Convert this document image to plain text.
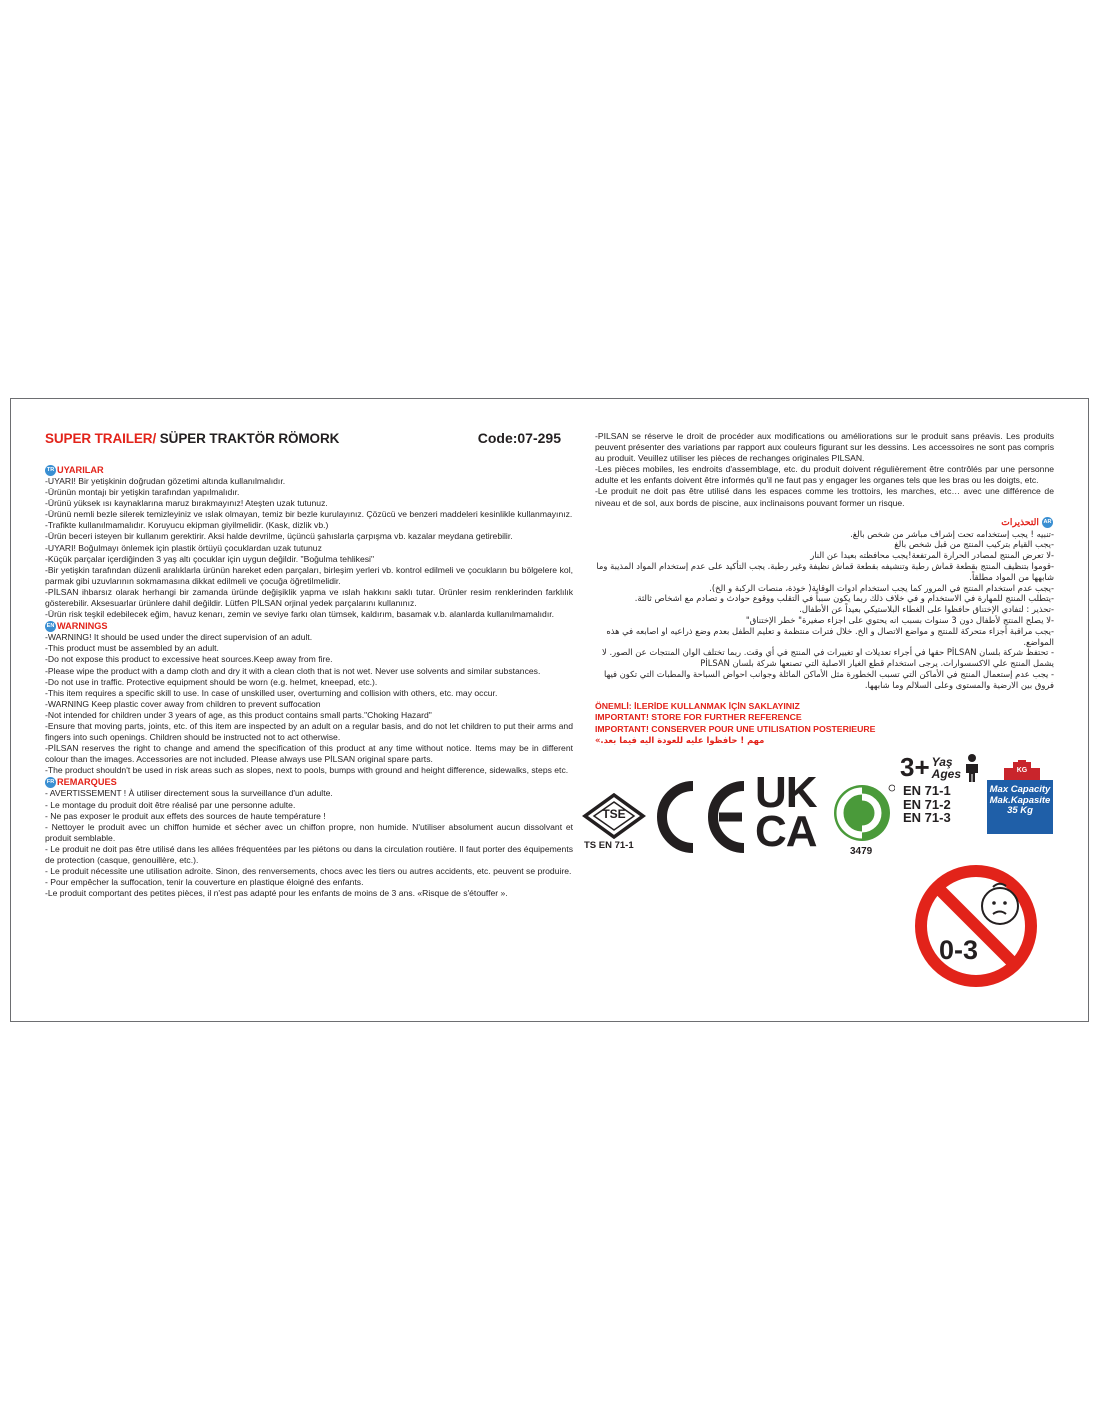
SUPER TRAILER/ SÜPER TRAKTÖR RÖMORK	Code:07-295
TR UYARILAR

-UYARI! Bir yetişkinin doğrudan gözetimi altında kullanılmalıdır.

-Ürünün montajı bir yetişkin tarafından yapılmalıdır.

-Ürünü yüksek ısı kaynaklarına maruz bırakmayınız! Ateşten uzak tutunuz.

-Ürünü nemli bezle silerek temizleyiniz ve ıslak olmayan, temiz bir bezle kurulayınız. Çözücü ve benzeri maddeleri kesinlikle kullanmayınız.

-Trafikte kullanılmamalıdır. Koruyucu ekipman giyilmelidir. (Kask, dizlik vb.)

-Ürün beceri isteyen bir kullanım gerektirir. Aksi halde devrilme, üçüncü şahıslarla çarpışma vb. kazalar meydana getirebilir.

-UYARI! Boğulmayı önlemek için plastik örtüyü çocuklardan uzak tutunuz

-Küçük parçalar içerdiğinden 3 yaş altı çocuklar için uygun değildir. "Boğulma tehlikesi"

-Bir yetişkin tarafından düzenli aralıklarla ürünün hareket eden parçaları, birleşim yerleri vb. kontrol edilmeli ve çocukların bu bölgelere kol, parmak gibi uzuvlarının sokmamasına dikkat edilmeli ve çocuğa öğretilmelidir.

-PİLSAN ihbarsız olarak herhangi bir zamanda üründe değişiklik yapma ve ıslah hakkını saklı tutar. Ürünler resim renklerinden farklılık gösterebilir. Aksesuarlar ürünlere dahil değildir. Lütfen PİLSAN orjinal yedek parçalarını kullanınız.

-Ürün risk teşkil edebilecek eğim, havuz kenarı, zemin ve seviye farkı olan tümsek, kaldırım, basamak v.b. alanlarda kullanılmamalıdır.

EN WARNINGS

-WARNING! It should be used under the direct supervision of an adult.

-This product must be assembled by an adult.

-Do not expose this product to excessive heat sources.Keep away from fire.

-Please wipe the product with a damp cloth and dry it with a clean cloth that is not wet. Never use solvents and similar substances.

-Do not use in traffic. Protective equipment should be worn (e.g. helmet, kneepad, etc.).

-This item requires a specific skill to use. In case of unskilled user, overturning and collision with others, etc. may occur.

-WARNING Keep plastic cover away from children to prevent suffocation

-Not intended for children under 3 years of age, as this product contains small parts."Choking Hazard"

-Ensure that moving parts, joints, etc. of this item are inspected by an adult on a regular basis, and do not let children to put their arms and fingers into such openings. Children should be instructed not to act otherwise.

-PİLSAN reserves the right to change and amend the specification of this product at any time without notice. Items may be in different colour than the images. Accessories are not included. Please always use PİLSAN original spare parts.

-The product shouldn't be used in risk areas such as slopes, next to pools, bumps with ground and height difference, sidewalks, steps etc.

FR REMARQUES

- AVERTISSEMENT ! À utiliser directement sous la surveillance d'un adulte.

- Le montage du produit doit être réalisé par une personne adulte.

- Ne pas exposer le produit aux effets des sources de haute température !

- Nettoyer le produit avec un chiffon humide et sécher avec un chiffon propre, non humide. N'utiliser absolument aucun dissolvant et produit semblable.

- Le produit ne doit pas être utilisé dans les allées fréquentées par les piétons ou dans la circulation routière. Il faut porter des équipements de protection (casque, genouillère, etc.).

- Le produit nécessite une utilisation adroite. Sinon, des renversements, chocs avec les tiers ou autres accidents, etc. peuvent se produire.

- Pour empêcher la suffocation, tenir la couverture en plastique éloigné des enfants.

-Le produit comportant des petites pièces, il n'est pas adapté pour les enfants de moins de 3 ans. «Risque de s'étouffer ».

-PILSAN se réserve le droit de procéder aux modifications ou améliorations sur le produit sans préavis. Les produits peuvent présenter des variations par rapport aux couleurs figurant sur les dessins. Les accessoires ne sont pas compris au produit. Veuillez utiliser les pièces de rechanges originales PILSAN.

-Les pièces mobiles, les endroits d'assemblage, etc. du produit doivent régulièrement être contrôlés par une personne adulte et les enfants doivent être informés qu'il ne faut pas y engager les organes tels que les bras ou les doigts, etc.

-Le produit ne doit pas être utilisé dans les espaces comme les trottoirs, les marches, etc… avec une différence de niveau et de sol, aux bords de piscine, aux inclinaisons pouvant former un risque.

التحذيرات AR

-تنبيه ! يجب إستخدامه تحت إشراف مباشر من شخص بالغ.

-يجب القيام بتركيب المنتج من قبل شخص بالغ

-لا تعرض المنتج لمصادر الحرارة المرتفعة!يجب محافظته بعيدا عن النار

-قوموا بتنظيف المنتج بقطعة قماش رطبة وتنشيفه بقطعة قماش نظيفة وغير رطبة. يجب التأكيد على عدم إستخدام المواد المذيبة وما شابهها من المواد مطلقاً.

-يجب عدم استخدام المنتج في المرور كما يجب استخدام ادوات الوقاية( خوذة، منصات الركبة و الخ).

-يتطلب المنتج للمهارة في الاستخدام و في خلاف ذلك ربما يكون سبباً في التقلب ووقوع حوادث و تصادم مع اشخاص ثالثة.

-تحذير : لتفادي الإختناق حافظوا على الغطاء البلاستيكي بعيداً عن الأطفال.

-لا يصلح المنتج لأطفال دون 3 سنوات بسبب انه يحتوي على اجزاء صغيرة" خطر الإختناق"

-يجب مراقبة أجزاء متحركة للمنتج و مواضع الاتصال و الخ. خلال فترات منتظمة و تعليم الطفل بعدم وضع ذراعيه او اصابعه في هذه المواضع.

- تحتفظ شركة بلسان PİLSAN حقها في أجراء تعديلات او تغييرات في المنتج في أي وقت. ربما تختلف الوان المنتجات عن الصور. لا يشمل المنتج علي الاكسسوارات. يرجى استخدام قطع الغيار الاصلية التي تصنعها شركة بلسان PİLSAN

- يجب عدم إستعمال المنتج في الأماكن التي تسبب الخطورة مثل الأماكن المائلة وجوانب احواض السباحة والمطبات التي تكون فيها فروق بين الارضية والمستوى وعلى السلالم وما شابهها.

ÖNEMLİ: İLERİDE KULLANMAK İÇİN SAKLAYINIZ
IMPORTANT! STORE FOR FURTHER REFERENCE
IMPORTANT! CONSERVER POUR UNE UTILISATION POSTERIEURE
مهم ! حافظوا عليه للعودة اليه فيما بعد.»
TSE
TS EN 71-1
UK
CA	3479
3+ Yaş
Ages
EN 71-1
EN 71-2
EN 71-3
KG
Max Capacity
Mak.Kapasite
35 Kg
0-3
